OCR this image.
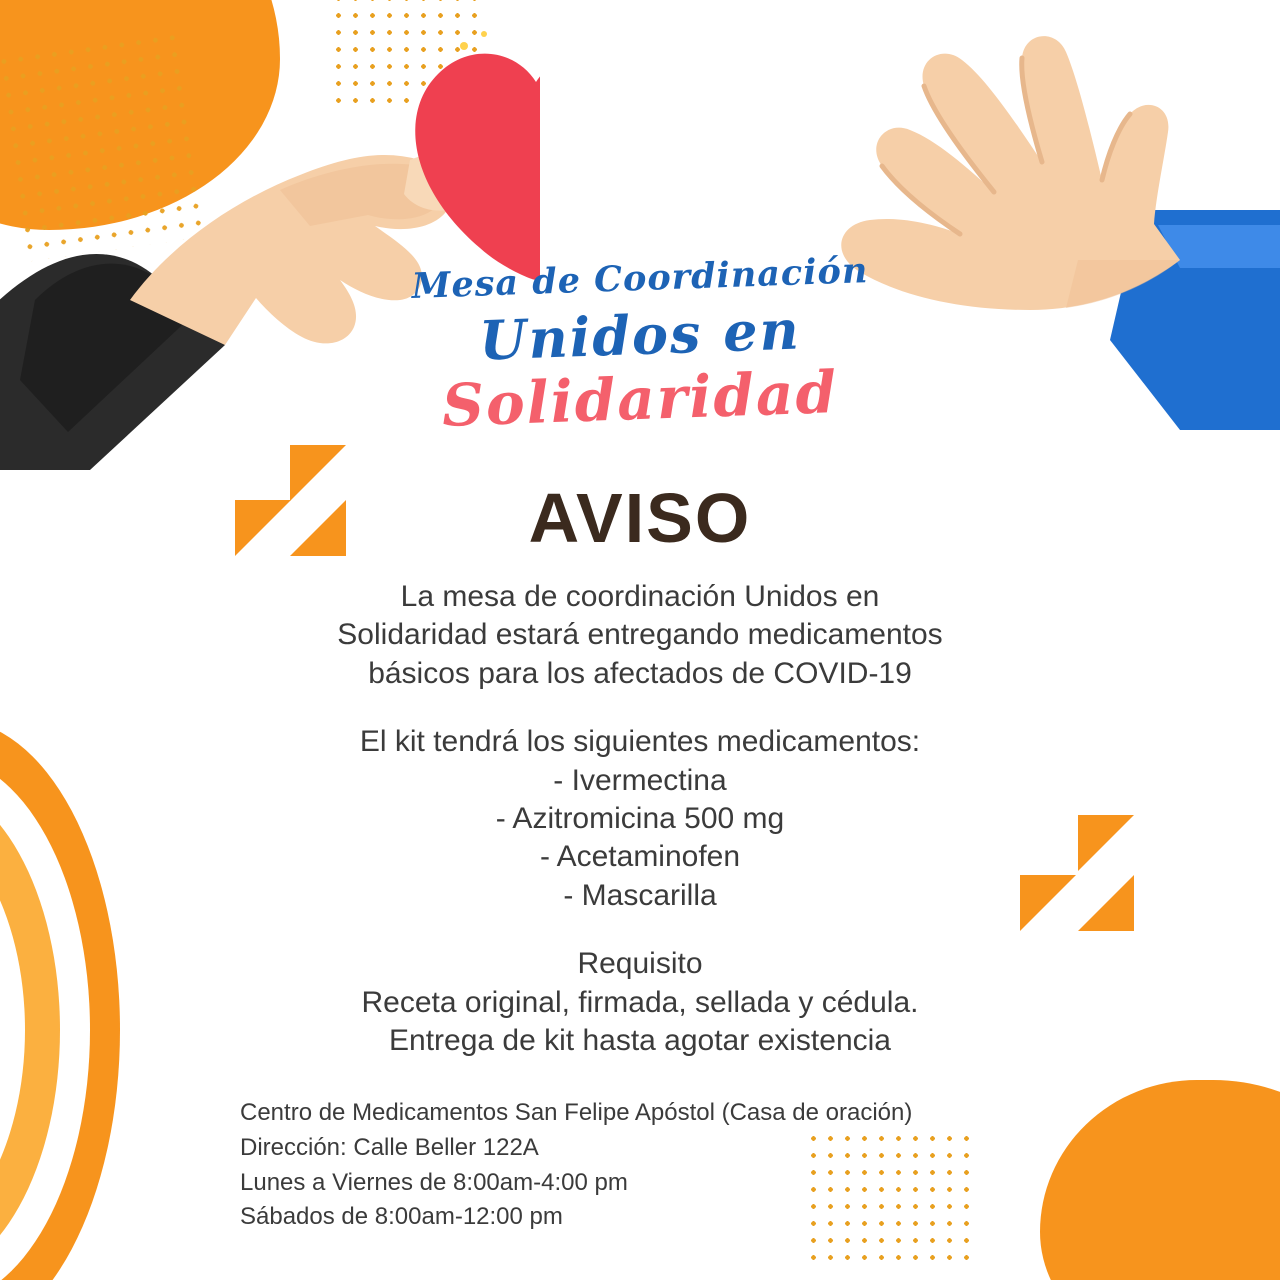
Mesa de Coordinación
Unidos en
Solidaridad
AVISO
La mesa de coordinación Unidos en
Solidaridad estará entregando medicamentos
básicos para los afectados de COVID-19
El kit tendrá los siguientes medicamentos:
- Ivermectina
- Azitromicina 500 mg
- Acetaminofen
- Mascarilla
Requisito
Receta original, firmada, sellada y cédula.
Entrega de kit hasta agotar existencia
Centro de Medicamentos San Felipe Apóstol (Casa de oración)
Dirección: Calle Beller 122A
Lunes a Viernes de 8:00am-4:00 pm
Sábados de 8:00am-12:00 pm
